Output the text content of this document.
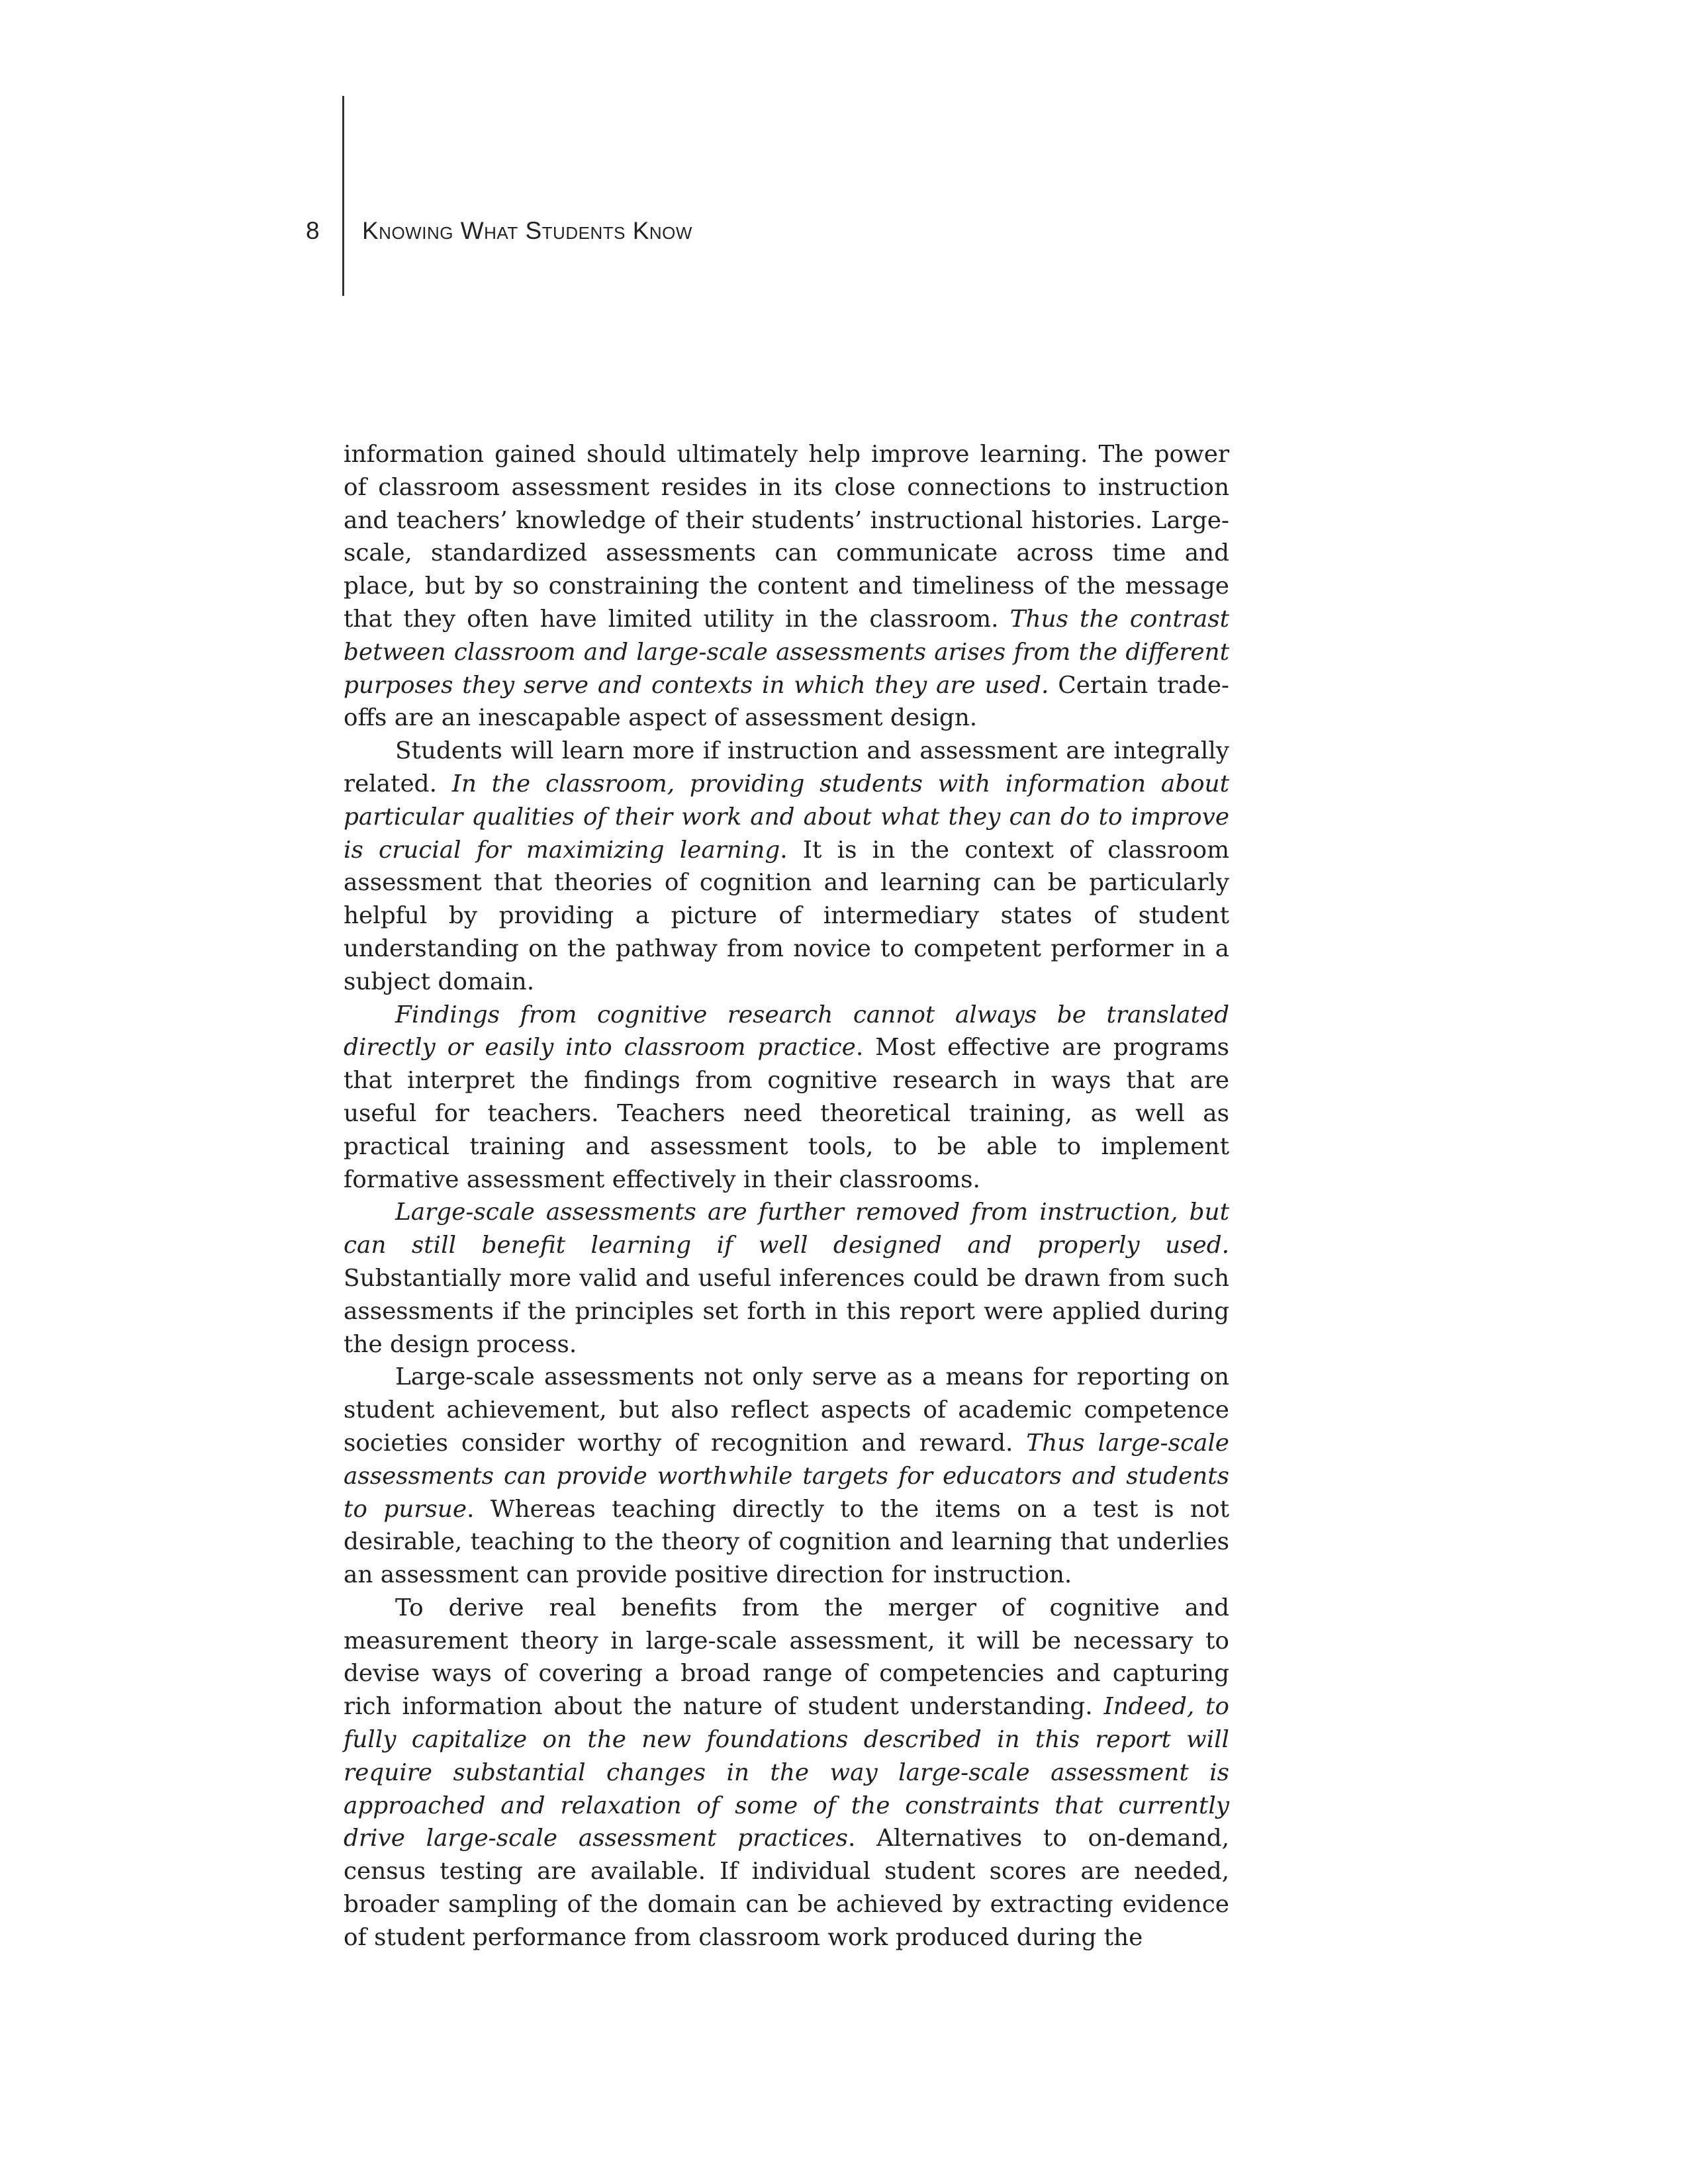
8 Knowing What Students Know

information gained should ultimately help improve learning. The power of classroom assessment resides in its close connections to instruction and teachers’ knowledge of their students’ instructional histories. Large-scale, standardized assessments can communicate across time and place, but by so constraining the content and timeliness of the message that they often have limited utility in the classroom. Thus the contrast between classroom and large-scale assessments arises from the different purposes they serve and contexts in which they are used. Certain trade-offs are an inescapable aspect of assessment design.

Students will learn more if instruction and assessment are integrally related. In the classroom, providing students with information about particular qualities of their work and about what they can do to improve is crucial for maximizing learning. It is in the context of classroom assessment that theories of cognition and learning can be particularly helpful by providing a picture of intermediary states of student understanding on the pathway from novice to competent performer in a subject domain.

Findings from cognitive research cannot always be translated directly or easily into classroom practice. Most effective are programs that interpret the findings from cognitive research in ways that are useful for teachers. Teachers need theoretical training, as well as practical training and assessment tools, to be able to implement formative assessment effectively in their classrooms.

Large-scale assessments are further removed from instruction, but can still benefit learning if well designed and properly used. Substantially more valid and useful inferences could be drawn from such assessments if the principles set forth in this report were applied during the design process.

Large-scale assessments not only serve as a means for reporting on student achievement, but also reflect aspects of academic competence societies consider worthy of recognition and reward. Thus large-scale assessments can provide worthwhile targets for educators and students to pursue. Whereas teaching directly to the items on a test is not desirable, teaching to the theory of cognition and learning that underlies an assessment can provide positive direction for instruction.

To derive real benefits from the merger of cognitive and measurement theory in large-scale assessment, it will be necessary to devise ways of covering a broad range of competencies and capturing rich information about the nature of student understanding. Indeed, to fully capitalize on the new foundations described in this report will require substantial changes in the way large-scale assessment is approached and relaxation of some of the constraints that currently drive large-scale assessment practices. Alternatives to on-demand, census testing are available. If individual student scores are needed, broader sampling of the domain can be achieved by extracting evidence of student performance from classroom work produced during the
